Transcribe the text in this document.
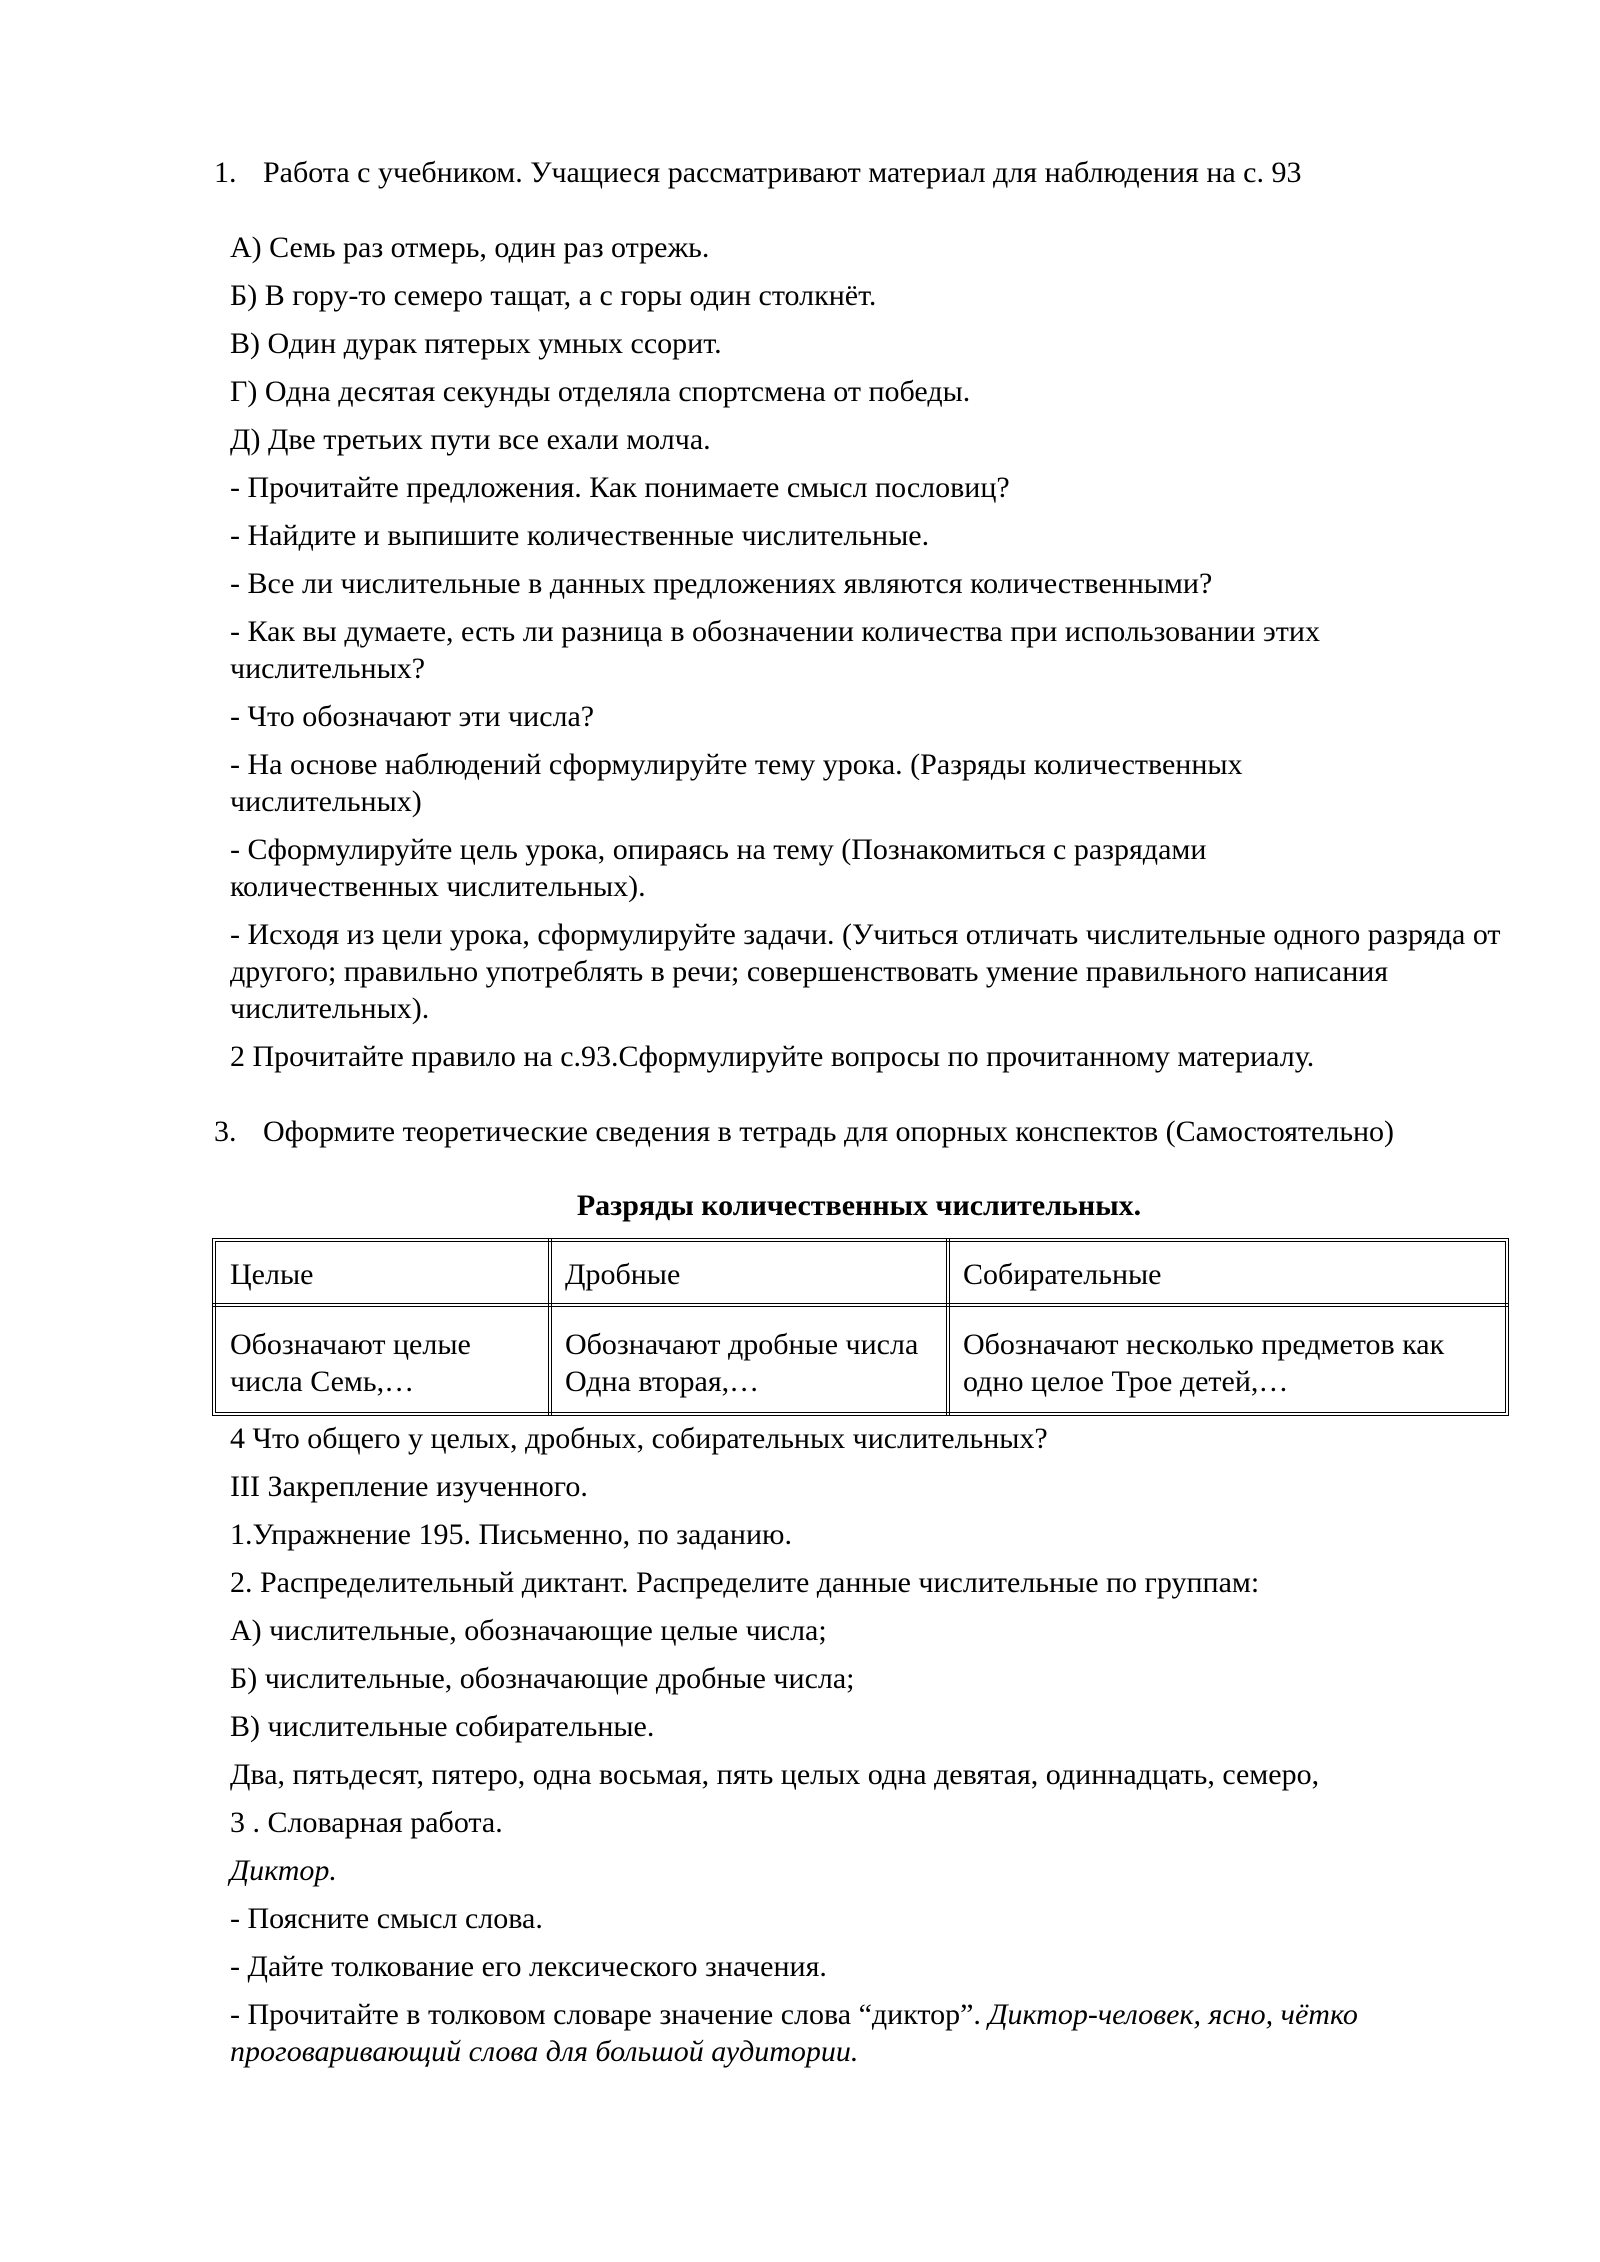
1. Работа с учебником. Учащиеся рассматривают материал для наблюдения на с. 93

А) Семь раз отмерь, один раз отрежь.

Б) В гору-то семеро тащат, а с горы один столкнёт.

В) Один дурак пятерых умных ссорит.

Г) Одна десятая секунды отделяла спортсмена от победы.

Д) Две третьих пути все ехали молча.

- Прочитайте предложения. Как понимаете смысл пословиц?

- Найдите и выпишите количественные числительные.

- Все ли числительные в данных предложениях являются количественными?

- Как вы думаете, есть ли разница в обозначении количества при использовании этих числительных?

- Что обозначают эти числа?

- На основе наблюдений сформулируйте тему урока. (Разряды количественных числительных)

- Сформулируйте цель урока, опираясь на тему (Познакомиться с разрядами количественных числительных).

- Исходя из цели урока, сформулируйте задачи. (Учиться отличать числительные одного разряда от другого; правильно употреблять в речи; совершенствовать умение правильного написания числительных).

2 Прочитайте правило на с.93.Сформулируйте вопросы по прочитанному материалу.

3. Оформите теоретические сведения в тетрадь для опорных конспектов (Самостоятельно)
Разряды количественных числительных.
Целые	Дробные	Собирательные
Обозначают целые числа Семь,…
Обозначают дробные числа Одна вторая,…
Обозначают несколько предметов как одно целое Трое детей,…

4 Что общего у целых, дробных, собирательных числительных?

III Закрепление изученного.

1.Упражнение 195. Письменно, по заданию.

2. Распределительный диктант. Распределите данные числительные по группам:

А) числительные, обозначающие целые числа;

Б) числительные, обозначающие дробные числа;

В) числительные собирательные.

Два, пятьдесят, пятеро, одна восьмая, пять целых одна девятая, одиннадцать, семеро,

3 . Словарная работа.

Диктор.

- Поясните смысл слова.

- Дайте толкование его лексического значения.

- Прочитайте в толковом словаре значение слова “диктор”. Диктор-человек, ясно, чётко

проговаривающий слова для большой аудитории.
